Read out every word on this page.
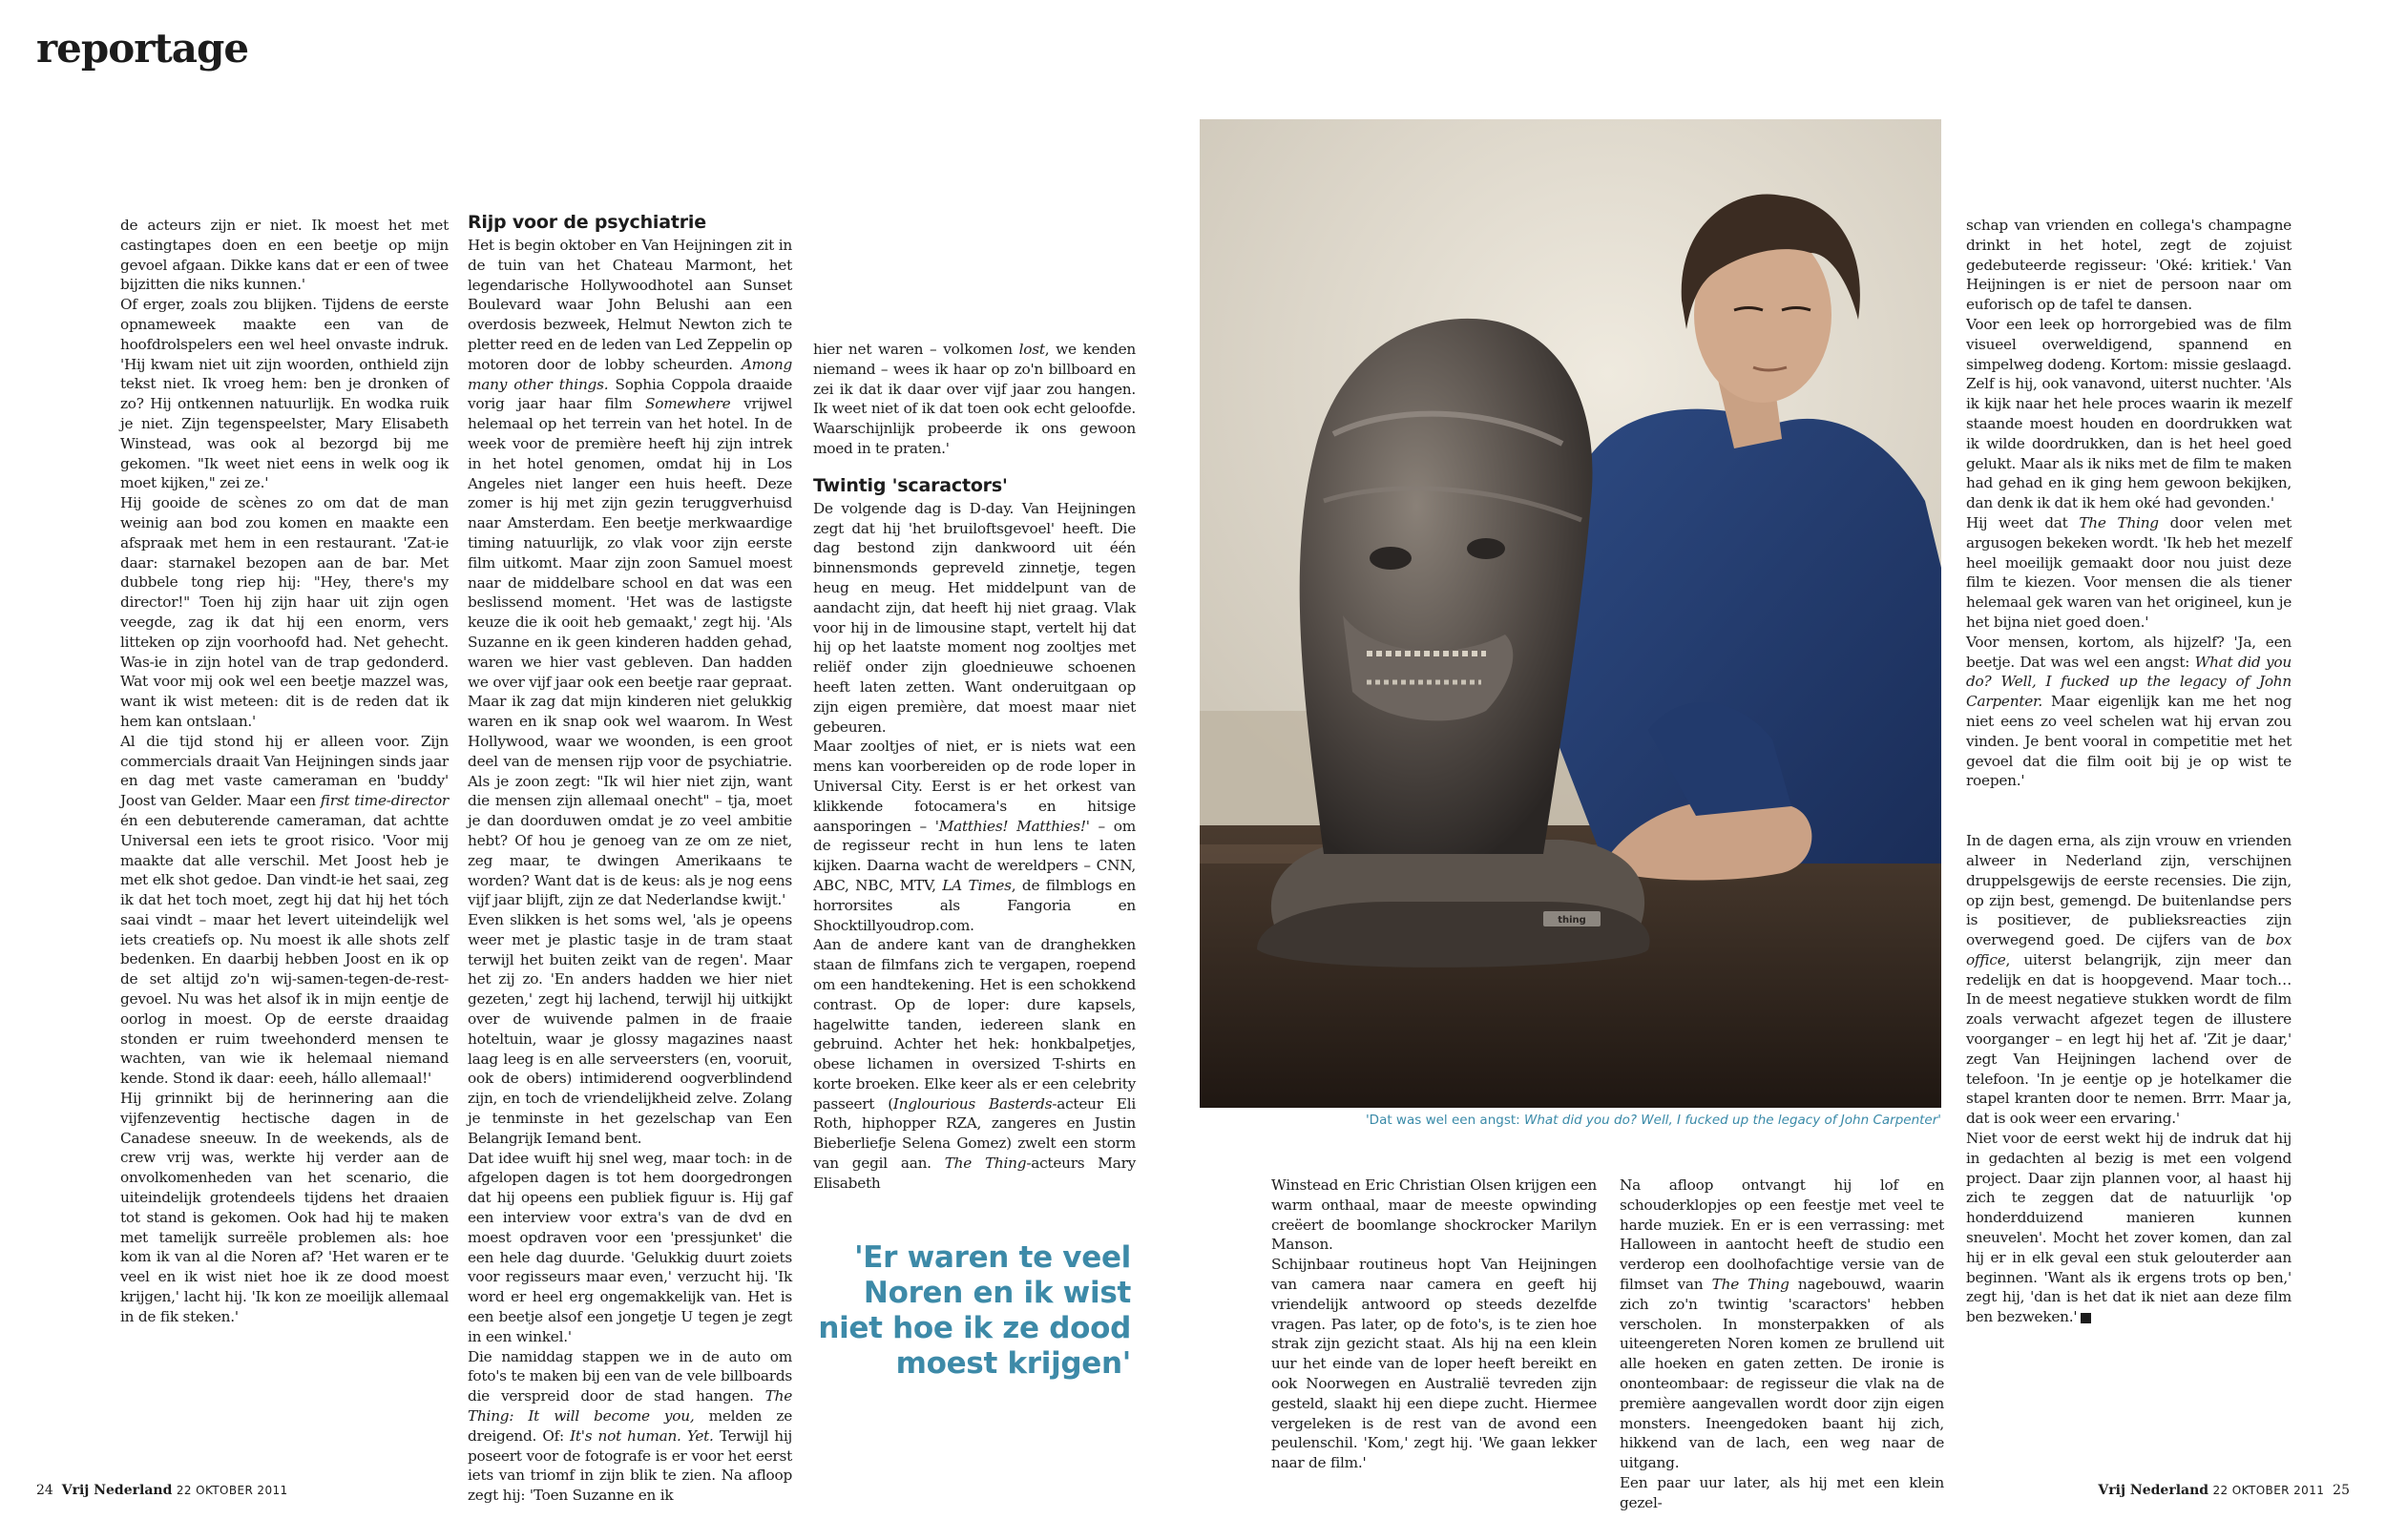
reportage

de acteurs zijn er niet. Ik moest het met castingtapes doen en een beetje op mijn gevoel afgaan. Dikke kans dat er een of twee bijzitten die niks kunnen.'

Of erger, zoals zou blijken. Tijdens de eerste opnameweek maakte een van de hoofdrolspelers een wel heel onvaste indruk. 'Hij kwam niet uit zijn woorden, onthield zijn tekst niet. Ik vroeg hem: ben je dronken of zo? Hij ontkennen natuurlijk. En wodka ruik je niet. Zijn tegenspeelster, Mary Elisabeth Winstead, was ook al bezorgd bij me gekomen. "Ik weet niet eens in welk oog ik moet kijken," zei ze.'

Hij gooide de scènes zo om dat de man weinig aan bod zou komen en maakte een afspraak met hem in een restaurant. 'Zat-ie daar: starnakel bezopen aan de bar. Met dubbele tong riep hij: "Hey, there's my director!" Toen hij zijn haar uit zijn ogen veegde, zag ik dat hij een enorm, vers litteken op zijn voorhoofd had. Net gehecht. Was-ie in zijn hotel van de trap gedonderd. Wat voor mij ook wel een beetje mazzel was, want ik wist meteen: dit is de reden dat ik hem kan ontslaan.'

Al die tijd stond hij er alleen voor. Zijn commercials draait Van Heijningen sinds jaar en dag met vaste cameraman en 'buddy' Joost van Gelder. Maar een first time-director én een debuterende cameraman, dat achtte Universal een iets te groot risico. 'Voor mij maakte dat alle verschil. Met Joost heb je met elk shot gedoe. Dan vindt-ie het saai, zeg ik dat het toch moet, zegt hij dat hij het tóch saai vindt – maar het levert uiteindelijk wel iets creatiefs op. Nu moest ik alle shots zelf bedenken. En daarbij hebben Joost en ik op de set altijd zo'n wij-samen-tegen-de-rest-gevoel. Nu was het alsof ik in mijn eentje de oorlog in moest. Op de eerste draaidag stonden er ruim tweehonderd mensen te wachten, van wie ik helemaal niemand kende. Stond ik daar: eeeh, hállo allemaal!'

Hij grinnikt bij de herinnering aan die vijfenzeventig hectische dagen in de Canadese sneeuw. In de weekends, als de crew vrij was, werkte hij verder aan de onvolkomenheden van het scenario, die uiteindelijk grotendeels tijdens het draaien tot stand is gekomen. Ook had hij te maken met tamelijk surreële problemen als: hoe kom ik van al die Noren af? 'Het waren er te veel en ik wist niet hoe ik ze dood moest krijgen,' lacht hij. 'Ik kon ze moeilijk allemaal in de fik steken.'

Rijp voor de psychiatrie

Het is begin oktober en Van Heijningen zit in de tuin van het Chateau Marmont, het legendarische Hollywoodhotel aan Sunset Boulevard waar John Belushi aan een overdosis bezweek, Helmut Newton zich te pletter reed en de leden van Led Zeppelin op motoren door de lobby scheurden. Among many other things. Sophia Coppola draaide vorig jaar haar film Somewhere vrijwel helemaal op het terrein van het hotel. In de week voor de première heeft hij zijn intrek in het hotel genomen, omdat hij in Los Angeles niet langer een huis heeft. Deze zomer is hij met zijn gezin teruggverhuisd naar Amsterdam. Een beetje merkwaardige timing natuurlijk, zo vlak voor zijn eerste film uitkomt. Maar zijn zoon Samuel moest naar de middelbare school en dat was een beslissend moment. 'Het was de lastigste keuze die ik ooit heb gemaakt,' zegt hij. 'Als Suzanne en ik geen kinderen hadden gehad, waren we hier vast gebleven. Dan hadden we over vijf jaar ook een beetje raar gepraat. Maar ik zag dat mijn kinderen niet gelukkig waren en ik snap ook wel waarom. In West Hollywood, waar we woonden, is een groot deel van de mensen rijp voor de psychiatrie. Als je zoon zegt: "Ik wil hier niet zijn, want die mensen zijn allemaal onecht" – tja, moet je dan doorduwen omdat je zo veel ambitie hebt? Of hou je genoeg van ze om ze niet, zeg maar, te dwingen Amerikaans te worden? Want dat is de keus: als je nog eens vijf jaar blijft, zijn ze dat Nederlandse kwijt.'

Even slikken is het soms wel, 'als je opeens weer met je plastic tasje in de tram staat terwijl het buiten zeikt van de regen'. Maar het zij zo. 'En anders hadden we hier niet gezeten,' zegt hij lachend, terwijl hij uitkijkt over de wuivende palmen in de fraaie hoteltuin, waar je glossy magazines naast laag leeg is en alle serveersters (en, vooruit, ook de obers) intimiderend oogverblindend zijn, en toch de vriendelijkheid zelve. Zolang je tenminste in het gezelschap van Een Belangrijk Iemand bent.

Dat idee wuift hij snel weg, maar toch: in de afgelopen dagen is tot hem doorgedrongen dat hij opeens een publiek figuur is. Hij gaf een interview voor extra's van de dvd en moest opdraven voor een 'pressjunket' die een hele dag duurde. 'Gelukkig duurt zoiets voor regisseurs maar even,' verzucht hij. 'Ik word er heel erg ongemakkelijk van. Het is een beetje alsof een jongetje U tegen je zegt in een winkel.'

Die namiddag stappen we in de auto om foto's te maken bij een van de vele billboards die verspreid door de stad hangen. The Thing: It will become you, melden ze dreigend. Of: It's not human. Yet. Terwijl hij poseert voor de fotografe is er voor het eerst iets van triomf in zijn blik te zien. Na afloop zegt hij: 'Toen Suzanne en ik

hier net waren – volkomen lost, we kenden niemand – wees ik haar op zo'n billboard en zei ik dat ik daar over vijf jaar zou hangen. Ik weet niet of ik dat toen ook echt geloofde. Waarschijnlijk probeerde ik ons gewoon moed in te praten.'

Twintig 'scaractors'

De volgende dag is D-day. Van Heijningen zegt dat hij 'het bruiloftsgevoel' heeft. Die dag bestond zijn dankwoord uit één binnensmonds gepreveld zinnetje, tegen heug en meug. Het middelpunt van de aandacht zijn, dat heeft hij niet graag. Vlak voor hij in de limousine stapt, vertelt hij dat hij op het laatste moment nog zooltjes met reliëf onder zijn gloednieuwe schoenen heeft laten zetten. Want onderuitgaan op zijn eigen première, dat moest maar niet gebeuren.

Maar zooltjes of niet, er is niets wat een mens kan voorbereiden op de rode loper in Universal City. Eerst is er het orkest van klikkende fotocamera's en hitsige aansporingen – 'Matthies! Matthies!' – om de regisseur recht in hun lens te laten kijken. Daarna wacht de wereldpers – CNN, ABC, NBC, MTV, LA Times, de filmblogs en horrorsites als Fangoria en Shocktillyoudrop.com.

Aan de andere kant van de dranghekken staan de filmfans zich te vergapen, roepend om een handtekening. Het is een schokkend contrast. Op de loper: dure kapsels, hagelwitte tanden, iedereen slank en gebruind. Achter het hek: honkbalpetjes, obese lichamen in oversized T-shirts en korte broeken. Elke keer als er een celebrity passeert (Inglourious Basterds-acteur Eli Roth, hiphopper RZA, zangeres en Justin Bieberliefje Selena Gomez) zwelt een storm van gegil aan. The Thing-acteurs Mary Elisabeth

'Er waren te veel Noren en ik wist niet hoe ik ze dood moest krijgen'
thing
'Dat was wel een angst: What did you do? Well, I fucked up the legacy of John Carpenter'

Winstead en Eric Christian Olsen krijgen een warm onthaal, maar de meeste opwinding creëert de boomlange shockrocker Marilyn Manson.

Schijnbaar routineus hopt Van Heijningen van camera naar camera en geeft hij vriendelijk antwoord op steeds dezelfde vragen. Pas later, op de foto's, is te zien hoe strak zijn gezicht staat. Als hij na een klein uur het einde van de loper heeft bereikt en ook Noorwegen en Australië tevreden zijn gesteld, slaakt hij een diepe zucht. Hiermee vergeleken is de rest van de avond een peulenschil. 'Kom,' zegt hij. 'We gaan lekker naar de film.'

Na afloop ontvangt hij lof en schouderklopjes op een feestje met veel te harde muziek. En er is een verrassing: met Halloween in aantocht heeft de studio een verderop een doolhofachtige versie van de filmset van The Thing nagebouwd, waarin zich zo'n twintig 'scaractors' hebben verscholen. In monsterpakken of als uiteengereten Noren komen ze brullend uit alle hoeken en gaten zetten. De ironie is ononteombaar: de regisseur die vlak na de première aangevallen wordt door zijn eigen monsters. Ineengedoken baant hij zich, hikkend van de lach, een weg naar de uitgang.

Een paar uur later, als hij met een klein gezel-

schap van vrienden en collega's champagne drinkt in het hotel, zegt de zojuist gedebuteerde regisseur: 'Oké: kritiek.' Van Heijningen is er niet de persoon naar om euforisch op de tafel te dansen.

Voor een leek op horrorgebied was de film visueel overweldigend, spannend en simpelweg dodeng. Kortom: missie geslaagd. Zelf is hij, ook vanavond, uiterst nuchter. 'Als ik kijk naar het hele proces waarin ik mezelf staande moest houden en doordrukken wat ik wilde doordrukken, dan is het heel goed gelukt. Maar als ik niks met de film te maken had gehad en ik ging hem gewoon bekijken, dan denk ik dat ik hem oké had gevonden.'

Hij weet dat The Thing door velen met argusogen bekeken wordt. 'Ik heb het mezelf heel moeilijk gemaakt door nou juist deze film te kiezen. Voor mensen die als tiener helemaal gek waren van het origineel, kun je het bijna niet goed doen.'

Voor mensen, kortom, als hijzelf? 'Ja, een beetje. Dat was wel een angst: What did you do? Well, I fucked up the legacy of John Carpenter. Maar eigenlijk kan me het nog niet eens zo veel schelen wat hij ervan zou vinden. Je bent vooral in competitie met het gevoel dat die film ooit bij je op wist te roepen.'

In de dagen erna, als zijn vrouw en vrienden alweer in Nederland zijn, verschijnen druppelsgewijs de eerste recensies. Die zijn, op zijn best, gemengd. De buitenlandse pers is positiever, de publieksreacties zijn overwegend goed. De cijfers van de box office, uiterst belangrijk, zijn meer dan redelijk en dat is hoopgevend. Maar toch… In de meest negatieve stukken wordt de film zoals verwacht afgezet tegen de illustere voorganger – en legt hij het af. 'Zit je daar,' zegt Van Heijningen lachend over de telefoon. 'In je eentje op je hotelkamer die stapel kranten door te nemen. Brrr. Maar ja, dat is ook weer een ervaring.'

Niet voor de eerst wekt hij de indruk dat hij in gedachten al bezig is met een volgend project. Daar zijn plannen voor, al haast hij zich te zeggen dat de natuurlijk 'op honderdduizend manieren kunnen sneuvelen'. Mocht het zover komen, dan zal hij er in elk geval een stuk gelouterder aan beginnen. 'Want als ik ergens trots op ben,' zegt hij, 'dan is het dat ik niet aan deze film ben bezweken.'

24 Vrij Nederland 22 OKTOBER 2011	Vrij Nederland 22 OKTOBER 2011 25
